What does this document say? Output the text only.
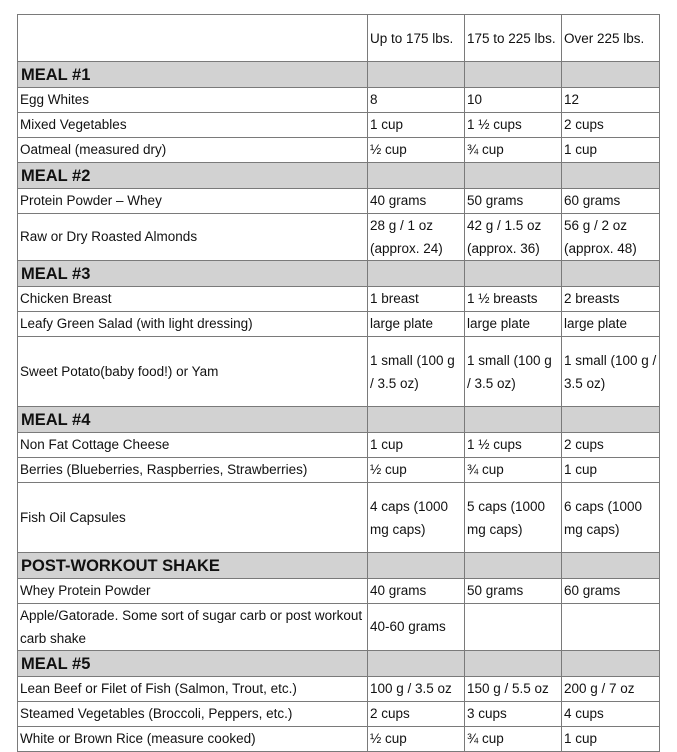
	Up to 175 lbs.	175 to 225 lbs.	Over 225 lbs.
MEAL #1			
Egg Whites	8	10	12
Mixed Vegetables	1 cup	1 ½ cups	2 cups
Oatmeal (measured dry)	½ cup	¾ cup	1 cup
MEAL #2			
Protein Powder – Whey	40 grams	50 grams	60 grams
Raw or Dry Roasted Almonds	28 g / 1 oz (approx. 24)	42 g / 1.5 oz (approx. 36)	56 g / 2 oz (approx. 48)
MEAL #3			
Chicken Breast	1 breast	1 ½ breasts	2 breasts
Leafy Green Salad (with light dressing)	large plate	large plate	large plate
Sweet Potato(baby food!) or Yam	1 small (100 g / 3.5 oz)	1 small (100 g / 3.5 oz)	1 small (100 g / 3.5 oz)
MEAL #4			
Non Fat Cottage Cheese	1 cup	1 ½ cups	2 cups
Berries (Blueberries, Raspberries, Strawberries)	½ cup	¾ cup	1 cup
Fish Oil Capsules	4 caps (1000 mg caps)	5 caps (1000 mg caps)	6 caps (1000 mg caps)
POST-WORKOUT SHAKE			
Whey Protein Powder	40 grams	50 grams	60 grams
Apple/Gatorade. Some sort of sugar carb or post workout carb shake	40-60 grams		
MEAL #5			
Lean Beef or Filet of Fish (Salmon, Trout, etc.)	100 g / 3.5 oz	150 g / 5.5 oz	200 g / 7 oz
Steamed Vegetables (Broccoli, Peppers, etc.)	2 cups	3 cups	4 cups
White or Brown Rice (measure cooked)	½ cup	¾ cup	1 cup
